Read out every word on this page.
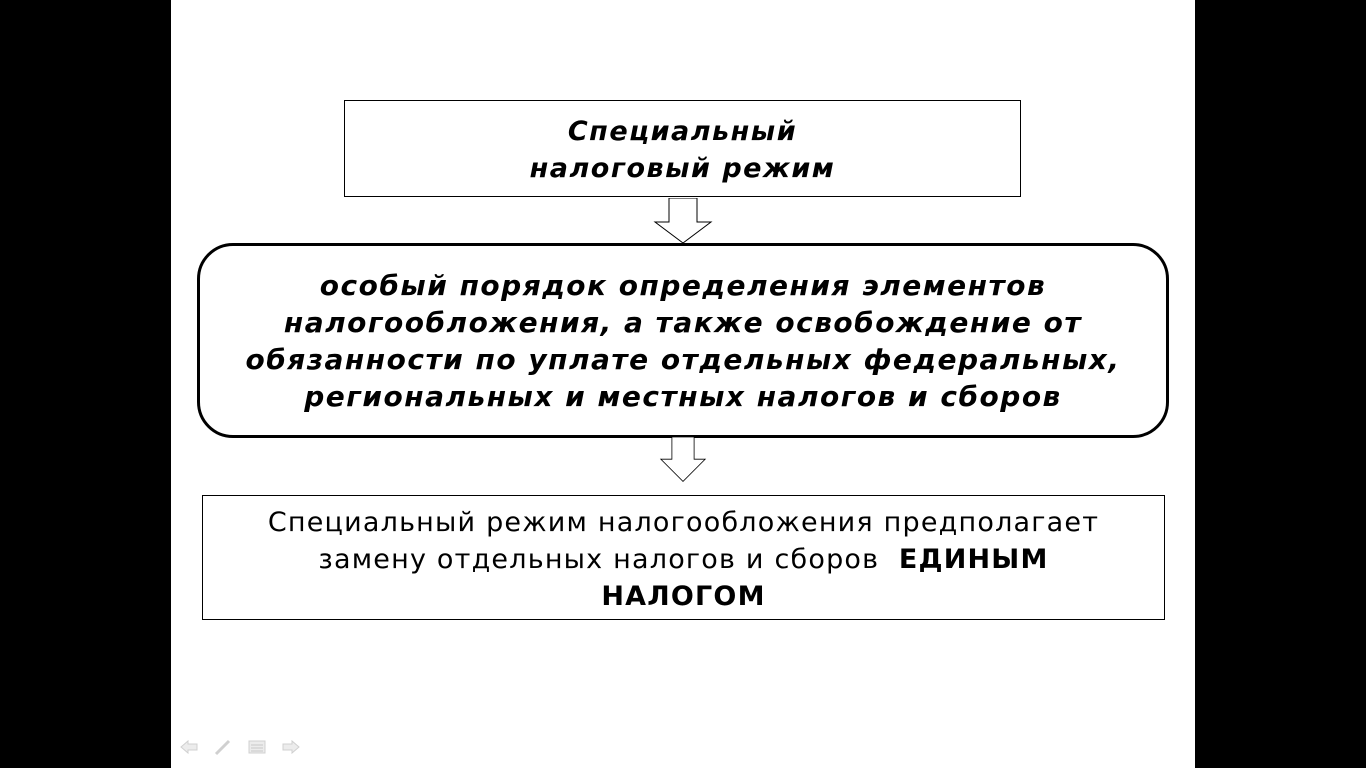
Специальный
налоговый режим
особый порядок определения элементов
налогообложения, а также освобождение от
обязанности по уплате отдельных федеральных,
региональных и местных налогов и сборов
Специальный режим налогообложения предполагает
замену отдельных налогов и сборов ЕДИНЫМ
НАЛОГОМ
